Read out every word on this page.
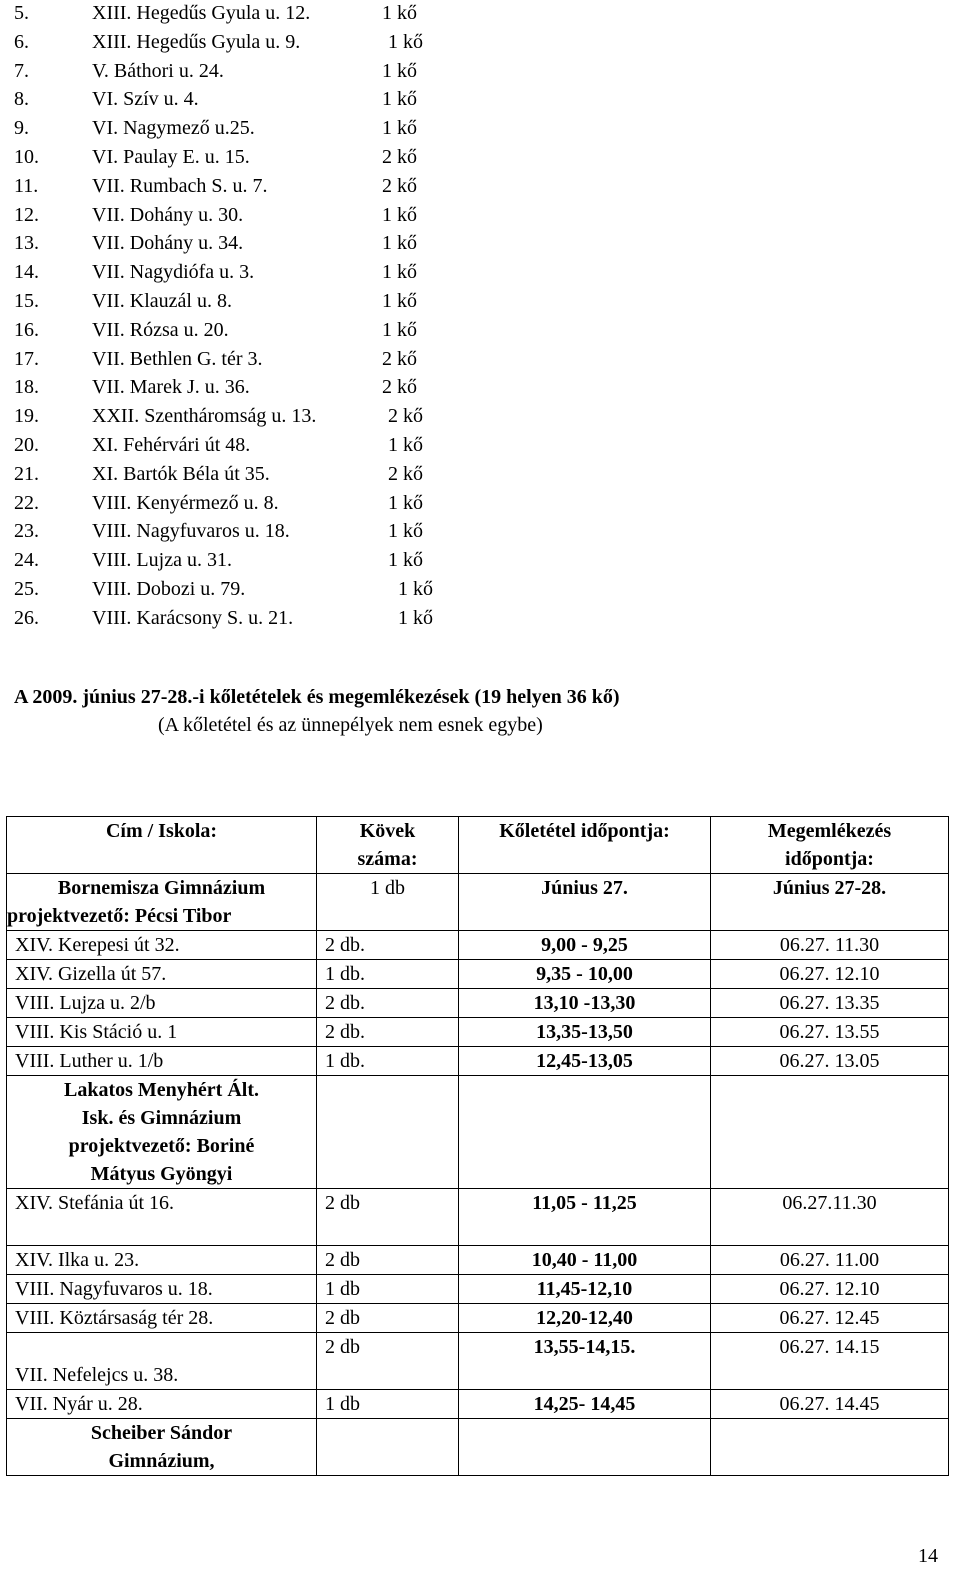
5.	XIII. Hegedűs Gyula u. 12.	1 kő
6.	XIII. Hegedűs Gyula u. 9.	1 kő
7.	V. Báthori u. 24.	1 kő
8.	VI. Szív u. 4.	1 kő
9.	VI. Nagymező u.25.	1 kő
10.	VI. Paulay E. u. 15.	2 kő
11.	VII. Rumbach S. u. 7.	2 kő
12.	VII. Dohány u. 30.	1 kő
13.	VII. Dohány u. 34.	1 kő
14.	VII. Nagydiófa u. 3.	1 kő
15.	VII. Klauzál u. 8.	1 kő
16.	VII. Rózsa u. 20.	1 kő
17.	VII. Bethlen G. tér 3.	2 kő
18.	VII. Marek J. u. 36.	2 kő
19.	XXII. Szentháromság u. 13.	2 kő
20.	XI. Fehérvári út 48.	1 kő
21.	XI. Bartók Béla út 35.	2 kő
22.	VIII. Kenyérmező u. 8.	1 kő
23.	VIII. Nagyfuvaros u. 18.	1 kő
24.	VIII. Lujza u. 31.	1 kő
25.	VIII. Dobozi u. 79.	1 kő
26.	VIII. Karácsony S. u. 21.	1 kő
A 2009. június 27-28.-i kőletételek és megemlékezések (19 helyen 36 kő)
(A kőletétel és az ünnepélyek nem esnek egybe)
Cím / Iskola:	Kövek
száma:	Kőletétel időpontja:	Megemlékezés
időpontja:
Bornemisza Gimnázium

projektvezető: Pécsi Tibor	1 db	Június 27.	Június 27-28.
XIV. Kerepesi út 32.	2 db.	9,00 - 9,25	06.27. 11.30
XIV. Gizella út 57.	1 db.	9,35 - 10,00	06.27. 12.10
VIII. Lujza u. 2/b	2 db.	13,10 -13,30	06.27. 13.35
VIII. Kis Stáció u. 1	2 db.	13,35-13,50	06.27. 13.55
VIII. Luther u. 1/b	1 db.	12,45-13,05	06.27. 13.05
Lakatos Menyhért Ált.
Isk. és Gimnázium
projektvezető: Boriné
Mátyus Gyöngyi			
XIV. Stefánia út 16.	2 db	11,05 - 11,25	06.27.11.30
XIV. Ilka u. 23.	2 db	10,40 - 11,00	06.27. 11.00
VIII. Nagyfuvaros u. 18.	1 db	11,45-12,10	06.27. 12.10
VIII. Köztársaság tér 28.	2 db	12,20-12,40	06.27. 12.45
VII. Nefelejcs u. 38.	2 db	13,55-14,15.	06.27. 14.15
VII. Nyár u. 28.	1 db	14,25- 14,45	06.27. 14.45
Scheiber Sándor
Gimnázium,			
14
